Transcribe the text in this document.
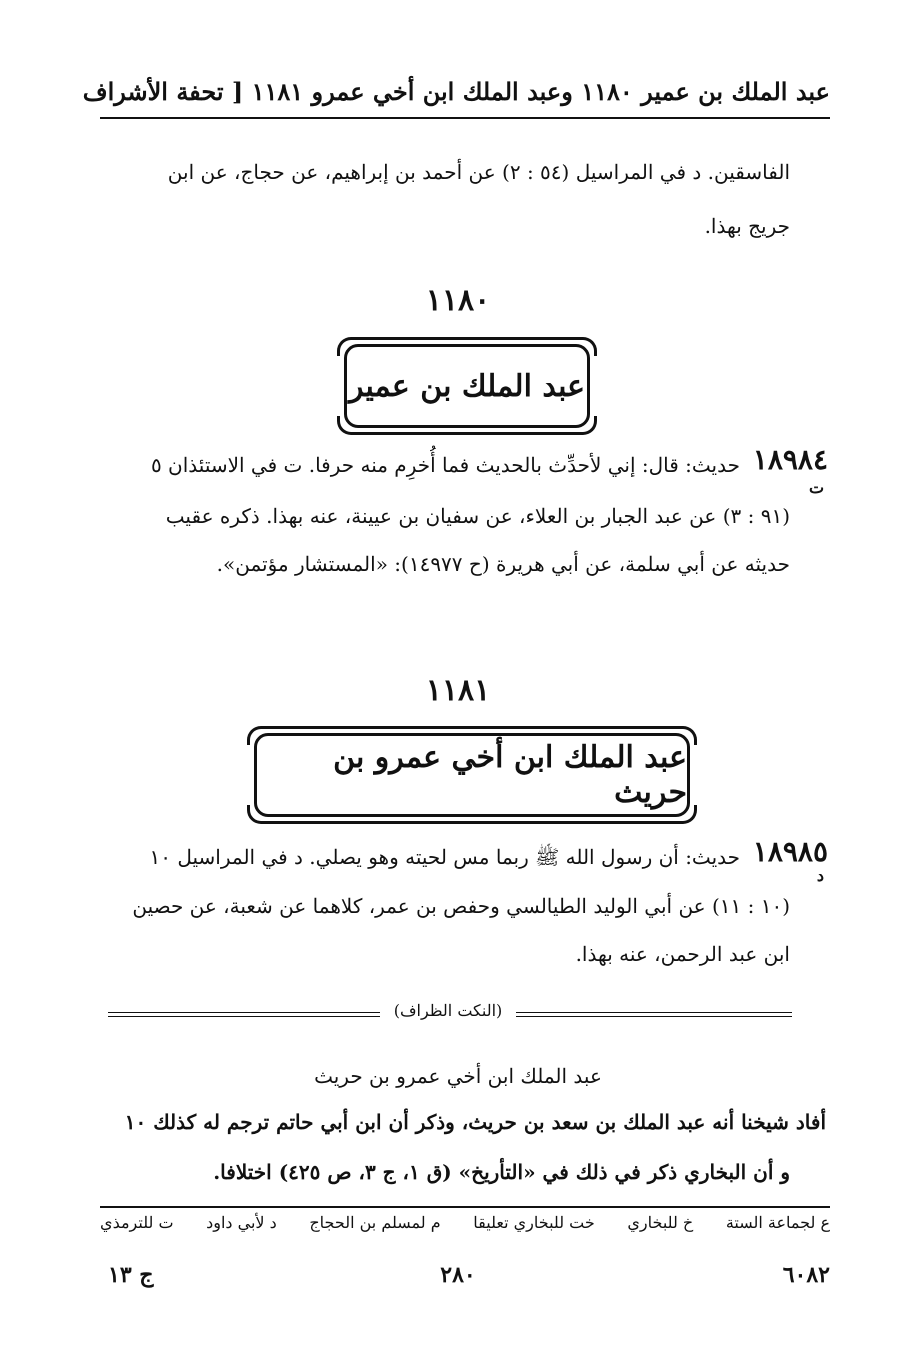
عبد الملك بن عمير ١١٨٠ وعبد الملك ابن أخي عمرو ١١٨١ [ تحفة الأشراف
الفاسقين. د في المراسيل (٥٤ : ٢) عن أحمد بن إبراهيم، عن حجاج، عن ابن
جريج بهذا.
١١٨٠
عبد الملك بن عمير
١٨٩٨٤
ت
حديث: قال: إني لأحدِّث بالحديث فما أُخرِم منه حرفا. ت في الاستئذان ٥
(٩١ : ٣) عن عبد الجبار بن العلاء، عن سفيان بن عيينة، عنه بهذا. ذكره عقيب
حديثه عن أبي سلمة، عن أبي هريرة (ح ١٤٩٧٧): «المستشار مؤتمن».
١١٨١
عبد الملك ابن أخي عمرو بن حريث
١٨٩٨٥
د
حديث: أن رسول الله ﷺ ربما مس لحيته وهو يصلي. د في المراسيل ١٠
(١٠ : ١١) عن أبي الوليد الطيالسي وحفص بن عمر، كلاهما عن شعبة، عن حصين
ابن عبد الرحمن، عنه بهذا.
(النكت الظراف)
عبد الملك ابن أخي عمرو بن حريث
أفاد شيخنا أنه عبد الملك بن سعد بن حريث، وذكر أن ابن أبي حاتم ترجم له كذلك ١٠
و أن البخاري ذكر في ذلك في «التأريخ» (ق ١، ج ٣، ص ٤٢٥) اختلافا.
ع لجماعة الستة
خ للبخاري
خت للبخاري تعليقا
م لمسلم بن الحجاج
د لأبي داود
ت للترمذي
ج ١٣	٢٨٠	٦٠٨٢
